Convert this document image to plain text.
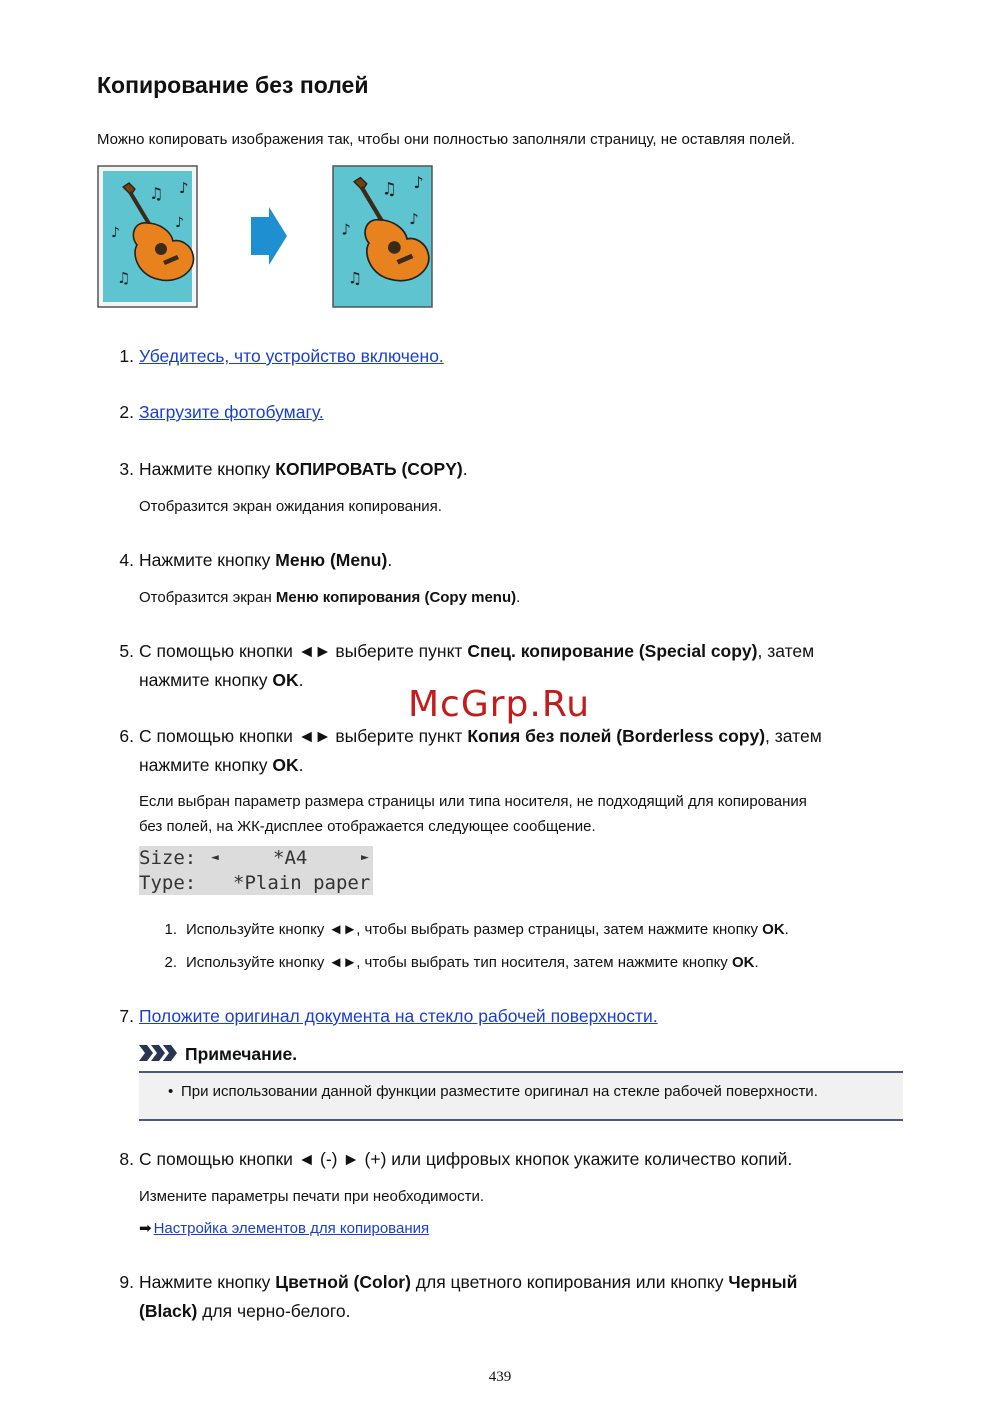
Копирование без полей
Можно копировать изображения так, чтобы они полностью заполняли страницу, не оставляя полей.
1. Убедитесь, что устройство включено.
2. Загрузите фотобумагу.
3. Нажмите кнопку КОПИРОВАТЬ (COPY).
Отобразится экран ожидания копирования.
4. Нажмите кнопку Меню (Menu).
Отобразится экран Меню копирования (Copy menu).
5. С помощью кнопки ◄► выберите пункт Спец. копирование (Special copy), затем
нажмите кнопку OK.
6. С помощью кнопки ◄► выберите пункт Копия без полей (Borderless copy), затем
нажмите кнопку OK.
Если выбран параметр размера страницы или типа носителя, не подходящий для копирования
без полей, на ЖК-дисплее отображается следующее сообщение.
Size: ◄	*A4	►
Type: *Plain paper
1. Используйте кнопку ◄►, чтобы выбрать размер страницы, затем нажмите кнопку OK.
2. Используйте кнопку ◄►, чтобы выбрать тип носителя, затем нажмите кнопку OK.
7. Положите оригинал документа на стекло рабочей поверхности.
Примечание.
• При использовании данной функции разместите оригинал на стекле рабочей поверхности.
8. С помощью кнопки ◄ (-) ► (+) или цифровых кнопок укажите количество копий.
Измените параметры печати при необходимости.
➡ Настройка элементов для копирования
9. Нажмите кнопку Цветной (Color) для цветного копирования или кнопку Черный
(Black) для черно-белого.
McGrp.Ru
439
